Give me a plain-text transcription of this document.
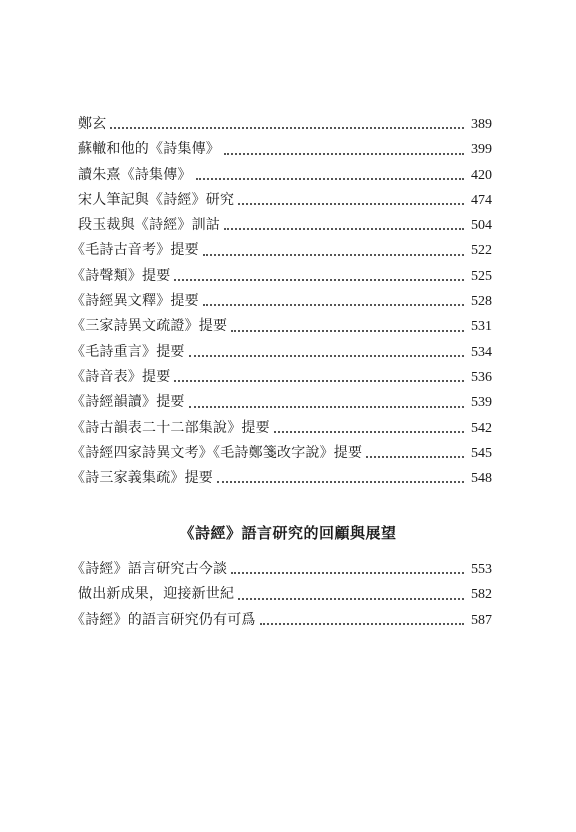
鄭玄	389
蘇轍和他的《詩集傳》	399
讀朱熹《詩集傳》	420
宋人筆記與《詩經》研究	474
段玉裁與《詩經》訓詁	504
《毛詩古音考》提要	522
《詩聲類》提要	525
《詩經異文釋》提要	528
《三家詩異文疏證》提要	531
《毛詩重言》提要	534
《詩音表》提要	536
《詩經韻讀》提要	539
《詩古韻表二十二部集說》提要	542
《詩經四家詩異文考》《毛詩鄭箋改字說》提要	545
《詩三家義集疏》提要	548
《詩經》語言研究的回顧與展望
《詩經》語言研究古今談	553
做出新成果，迎接新世紀	582
《詩經》的語言研究仍有可爲	587
